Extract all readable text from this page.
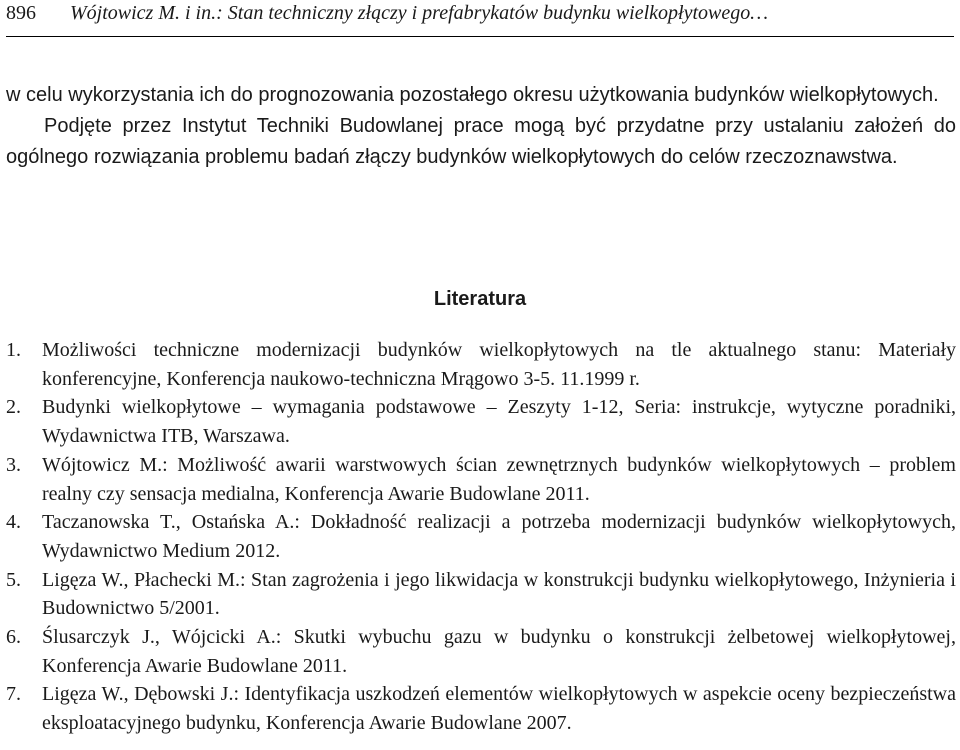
896 Wójtowicz M. i in.: Stan techniczny złączy i prefabrykatów budynku wielkopłytowego…

w celu wykorzystania ich do prognozowania pozostałego okresu użytkowania budynków wielkopłytowych.

Podjęte przez Instytut Techniki Budowlanej prace mogą być przydatne przy ustalaniu założeń do ogólnego rozwiązania problemu badań złączy budynków wielkopłytowych do celów rzeczoznawstwa.

Literatura
1.	Możliwości techniczne modernizacji budynków wielkopłytowych na tle aktualnego stanu: Materiały konferencyjne, Konferencja naukowo-techniczna Mrągowo 3-5. 11.1999 r.
2.	Budynki wielkopłytowe – wymagania podstawowe – Zeszyty 1-12, Seria: instrukcje, wytyczne poradniki, Wydawnictwa ITB, Warszawa.
3.	Wójtowicz M.: Możliwość awarii warstwowych ścian zewnętrznych budynków wielkopłytowych – problem realny czy sensacja medialna, Konferencja Awarie Budowlane 2011.
4.	Taczanowska T., Ostańska A.: Dokładność realizacji a potrzeba modernizacji budynków wielkopłytowych, Wydawnictwo Medium 2012.
5.	Ligęza W., Płachecki M.: Stan zagrożenia i jego likwidacja w konstrukcji budynku wielkopłytowego, Inżynieria i Budownictwo 5/2001.
6.	Ślusarczyk J., Wójcicki A.: Skutki wybuchu gazu w budynku o konstrukcji żelbetowej wielkopłytowej, Konferencja Awarie Budowlane 2011.
7.	Ligęza W., Dębowski J.: Identyfikacja uszkodzeń elementów wielkopłytowych w aspekcie oceny bezpieczeństwa eksploatacyjnego budynku, Konferencja Awarie Budowlane 2007.
